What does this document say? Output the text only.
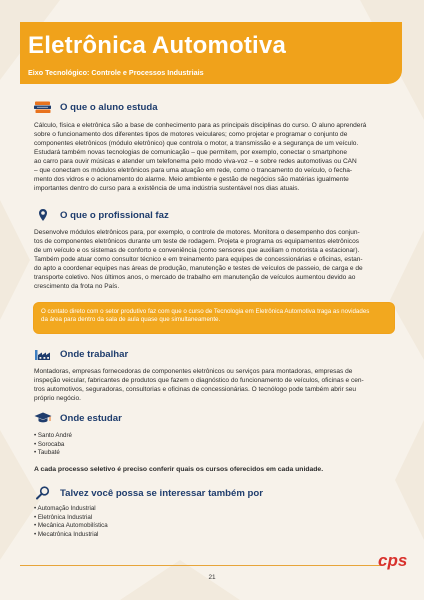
Eletrônica Automotiva
Eixo Tecnológico: Controle e Processos Industriais
O que o aluno estuda

Cálculo, física e eletrônica são a base de conhecimento para as principais disciplinas do curso. O aluno aprenderá

sobre o funcionamento dos diferentes tipos de motores veiculares; como projetar e programar o conjunto de

componentes eletrônicos (módulo eletrônico) que controla o motor, a transmissão e a segurança de um veículo.

Estudará também novas tecnologias de comunicação – que permitem, por exemplo, conectar o smartphone

ao carro para ouvir músicas e atender um telefonema pelo modo viva-voz – e sobre redes automotivas ou CAN

– que conectam os módulos eletrônicos para uma atuação em rede, como o trancamento do veículo, o fecha-

mento dos vidros e o acionamento do alarme. Meio ambiente e gestão de negócios são matérias igualmente

importantes dentro do curso para a existência de uma indústria sustentável nos dias atuais.

O que o profissional faz

Desenvolve módulos eletrônicos para, por exemplo, o controle de motores. Monitora o desempenho dos conjun-

tos de componentes eletrônicos durante um teste de rodagem. Projeta e programa os equipamentos eletrônicos

de um veículo e os sistemas de conforto e conveniência (como sensores que auxiliam o motorista a estacionar).

Também pode atuar como consultor técnico e em treinamento para equipes de concessionárias e oficinas, estan-

do apto a coordenar equipes nas áreas de produção, manutenção e testes de veículos de passeio, de carga e de

transporte coletivo. Nos últimos anos, o mercado de trabalho em manutenção de veículos aumentou devido ao

crescimento da frota no País.

O contato direto com o setor produtivo faz com que o curso de Tecnologia em Eletrônica Automotiva traga as novidades

da área para dentro da sala de aula quase que simultaneamente.

Onde trabalhar

Montadoras, empresas fornecedoras de componentes eletrônicos ou serviços para montadoras, empresas de

inspeção veicular, fabricantes de produtos que fazem o diagnóstico do funcionamento de veículos, oficinas e cen-

tros automotivos, seguradoras, consultorias e oficinas de concessionárias. O tecnólogo pode também abrir seu

próprio negócio.

Onde estudar
• Santo André
• Sorocaba
• Taubaté
A cada processo seletivo é preciso conferir quais os cursos oferecidos em cada unidade.
Talvez você possa se interessar também por
• Automação Industrial
• Eletrônica Industrial
• Mecânica Automobilística
• Mecatrônica Industrial
21
cps
